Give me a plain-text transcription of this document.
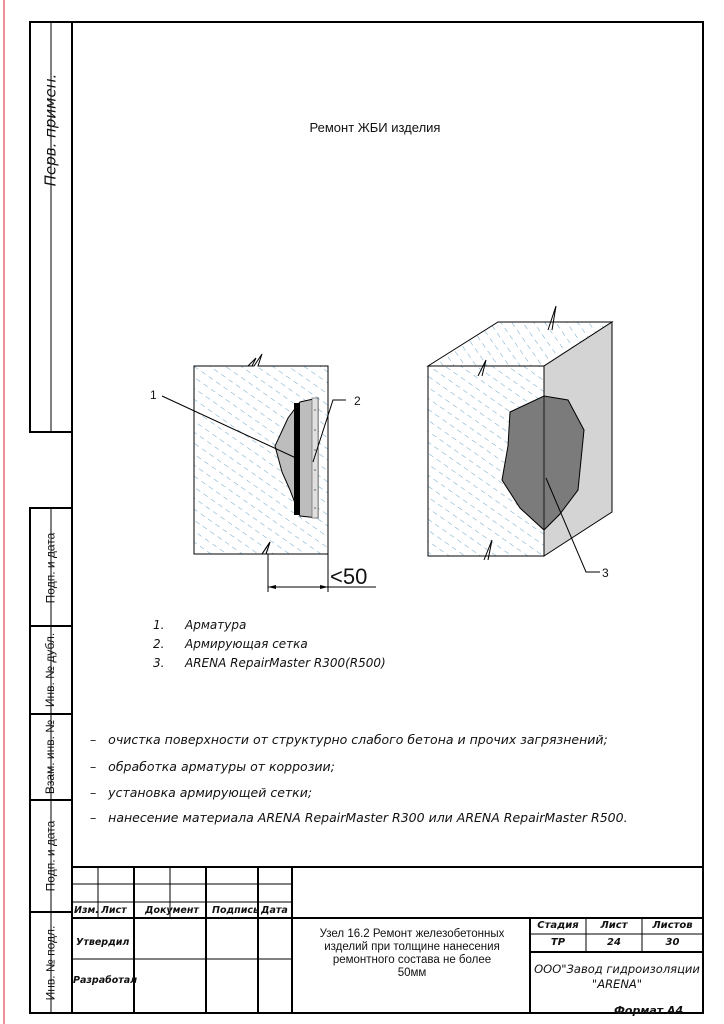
Перв. примен.
Подп. и дата
Инв. № дубл.
Взам. инв. №
Подп. и дата
Инв. № подл.
Ремонт ЖБИ изделия
1	2
3
<50
1. Арматура
2. Армирующая сетка
3. ARENA RepairMaster R300(R500)
–   очистка поверхности от структурно слабого бетона и прочих загрязнений;
–   обработка арматуры от коррозии;
–   установка армирующей сетки;
–   нанесение материала ARENA RepairMaster R300 или ARENA RepairMaster R500.
Изм. Лист Документ Подпись Дата
Утвердил
Разработал
Узел 16.2 Ремонт железобетонных изделий при толщине нанесения ремонтного состава не более 50мм
Стадия	Лист	Листов
ТР	24	30
ООО"Завод гидроизоляции "ARENA"
Формат А4
